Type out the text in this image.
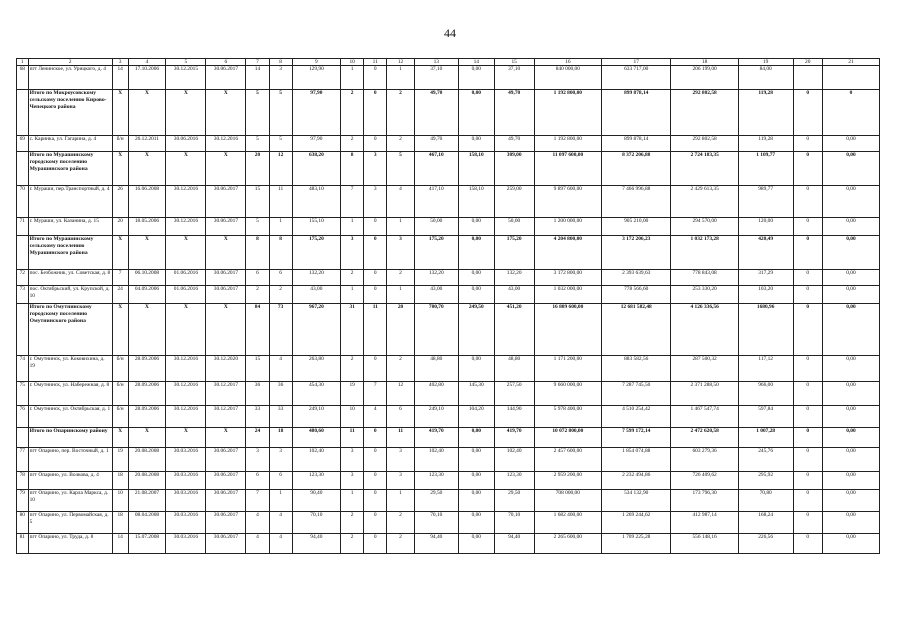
44
1	2	3	4	5	6	7	8	9	10	11	12	13	14	15	16	17	18	19	20	21
68	пгт Ленинское, ул. Урицкого, д. 4	14	17.10.2006	30.12.2015	30.06.2017	14	3	129,90	1	0	1	37,10	0,00	37,10	840 000,00	633 717,00	206 199,00	84,00		
	Итого по Мокроусовскому сельскому поселению Кирово-Чепецкого района	X	X	X	X	5	5	97,90	2	0	2	49,70	0,00	49,70	1 192 800,00	899 878,14	292 802,58	119,28	0	0
69	с. Каринка, ул. Гагарина, д. 4	б/н	26.12.2011	30.06.2016	30.12.2016	5	5	97,90	2	0	2	49,70	0,00	49,70	1 192 800,00	899 878,14	292 802,58	119,28	0	0,00
	Итого по Мурашинскому городскому поселению Мурашинского района	X	X	X	X	20	12	638,20	8	3	5	467,10	158,10	309,00	11 097 600,00	8 372 206,88	2 724 183,35	1 109,77	0	0,00
70	г. Мураши, пер.Транспортный, д. 4	26	16.06.2008	30.12.2016	30.06.2017	15	11	483,10	7	3	4	417,10	158,10	259,00	9 897 600,00	7 466 996,88	2 429 613,35	989,77	0	0,00
71	г. Мураши, ул. Казанина, д. 15	20	18.05.2006	30.12.2016	30.06.2017	5	1	155,10	1	0	1	50,00	0,00	50,00	1 200 000,00	905 210,00	294 570,00	120,00	0	0,00
	Итого по Мурашинскому сельскому поселению Мурашинского района	X	X	X	X	8	8	175,20	3	0	3	175,20	0,00	175,20	4 204 800,00	3 172 206,23	1 032 173,28	420,49	0	0,00
72	пос. Безбожник, ул. Советская, д. 8	7	06.10.2008	01.06.2016	30.06.2017	6	6	132,20	2	0	2	132,20	0,00	132,20	3 172 800,00	2 393 639,63	778 843,08	317,29	0	0,00
73	пос. Октябрьский, ул. Крупской, д. 10	24	04.09.2006	01.06.2016	30.06.2017	2	2	43,00	1	0	1	43,00	0,00	43,00	1 032 000,00	778 566,60	253 330,20	103,20	0	0,00
	Итого по Омутнинскому городскому поселению Омутнинского района	X	X	X	X	84	73	967,20	31	11	20	700,70	249,50	451,20	16 809 600,00	12 681 582,48	4 126 336,56	1680,96	0	0,00
74	г. Омутнинск, ул. Коковихина, д. 19	б/н	28.09.2006	30.12.2016	30.12.2020	15	4	263,80	2	0	2	48,80	0,00	48,80	1 171 200,00	883 582,56	287 500,32	117,12	0	0,00
75	г. Омутнинск, ул. Набережная, д. 8	б/н	28.09.2006	30.12.2016	30.12.2017	36	36	454,30	19	7	12	402,80	145,30	257,50	9 660 000,00	7 287 745,50	2 371 288,50	966,00	0	0,00
76	г. Омутнинск, ул. Октябрьская, д. 1	б/н	28.09.2006	30.12.2016	30.12.2017	33	33	249,10	10	4	6	249,10	104,20	144,90	5 978 400,00	4 510 254,42	1 467 547,74	597,84	0	0,00
	Итого по Опаринскому району	X	X	X	X	24	18	480,60	11	0	11	419,70	0,00	419,70	10 072 800,00	7 599 172,14	2 472 620,58	1 007,28	0	0,00
77	пгт Опарино, пер. Восточный, д. 1	19	20.08.2008	30.03.2016	30.06.2017	3	3	102,40	3	0	3	102,40	0,00	102,40	2 457 600,00	1 854 074,88	603 279,36	245,76	0	0,00
78	пгт Опарино, ул. Волкова, д. 4	18	20.08.2008	30.03.2016	30.06.2017	6	6	123,30	3	0	3	123,30	0,00	123,30	2 959 200,00	2 232 494,86	726 409,62	295,92	0	0,00
79	пгт Опарино, ул. Карла Маркса, д. 10	10	21.08.2007	30.03.2016	30.06.2017	7	1	90,40	1	0	1	29,50	0,00	29,50	708 000,00	534 132,90	173 796,30	70,80	0	0,00
80	пгт Опарино, ул. Первомайская, д. 5	18	08.04.2008	30.03.2016	30.06.2017	4	4	70,10	2	0	2	70,10	0,00	70,10	1 682 400,00	1 269 244,62	412 987,14	168,24	0	0,00
81	пгт Опарино, ул. Труда, д. 8	14	15.07.2008	30.03.2016	30.06.2017	4	4	94,40	2	0	2	94,40	0,00	94,40	2 265 600,00	1 709 225,28	556 148,16	226,56	0	0,00
